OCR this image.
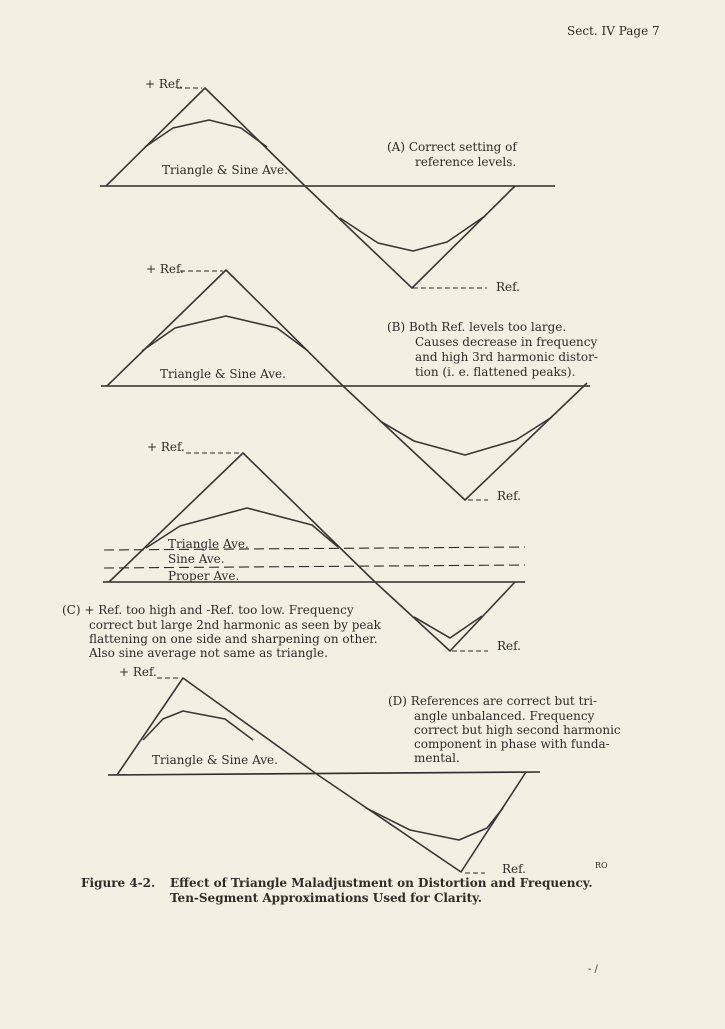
Sect. IV Page 7
+ Ref.
Triangle & Sine Ave.
Ref.
(A) Correct setting of
reference levels.
+ Ref.
Triangle & Sine Ave.
Ref.
(B) Both Ref. levels too large.
Causes decrease in frequency
and high 3rd harmonic distor-
tion (i. e. flattened peaks).
+ Ref.
Triangle Ave.
Sine Ave.
Proper Ave.
Ref.
(C) + Ref. too high and -Ref. too low. Frequency
correct but large 2nd harmonic as seen by peak
flattening on one side and sharpening on other.
Also sine average not same as triangle.
+ Ref.
Triangle & Sine Ave.
Ref.
(D) References are correct but tri-
angle unbalanced. Frequency
correct but high second harmonic
component in phase with funda-
mental.
RO
Figure 4-2. Effect of Triangle Maladjustment on Distortion and Frequency.
Ten-Segment Approximations Used for Clarity.
- /
